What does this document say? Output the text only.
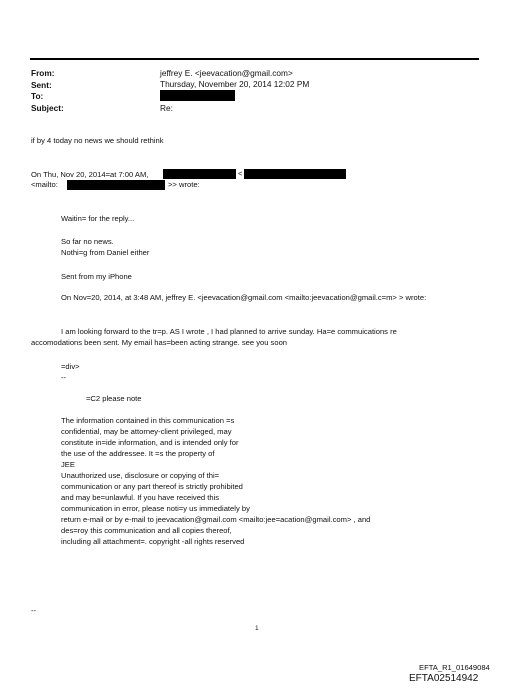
From:
Sent:
To:
Subject:
jeffrey E. <jeevacation@gmail.com>
Thursday, November 20, 2014 12:02 PM
Re:
if by 4 today no news we should rethink
On Thu, Nov 20, 2014=at 7:00 AM,	<
<mailto:	>> wrote:
Waitin= for the reply...
So far no news.
Nothi=g from Daniel either
Sent from my iPhone
On Nov=20, 2014, at 3:48 AM, jeffrey E. <jeevacation@gmail.com <mailto:jeevacation@gmail.c=m> > wrote:
I am looking forward to the tr=p. AS I wrote , I had planned to arrive sunday. Ha=e commuications re
accomodations been sent. My email has=been acting strange. see you soon
=div>
--
=C2 please note
The information contained in this communication =s
confidential, may be attorney-client privileged, may
constitute in=ide information, and is intended only for
the use of the addressee. It =s the property of
JEE
Unauthorized use, disclosure or copying of thi=
communication or any part thereof is strictly prohibited
and may be=unlawful. If you have received this
communication in error, please noti=y us immediately by
return e-mail or by e-mail to jeevacation@gmail.com <mailto:jee=acation@gmail.com> , and
des=roy this communication and all copies thereof,
including all attachment=. copyright -all rights reserved
--
1
EFTA_R1_01649084
EFTA02514942
